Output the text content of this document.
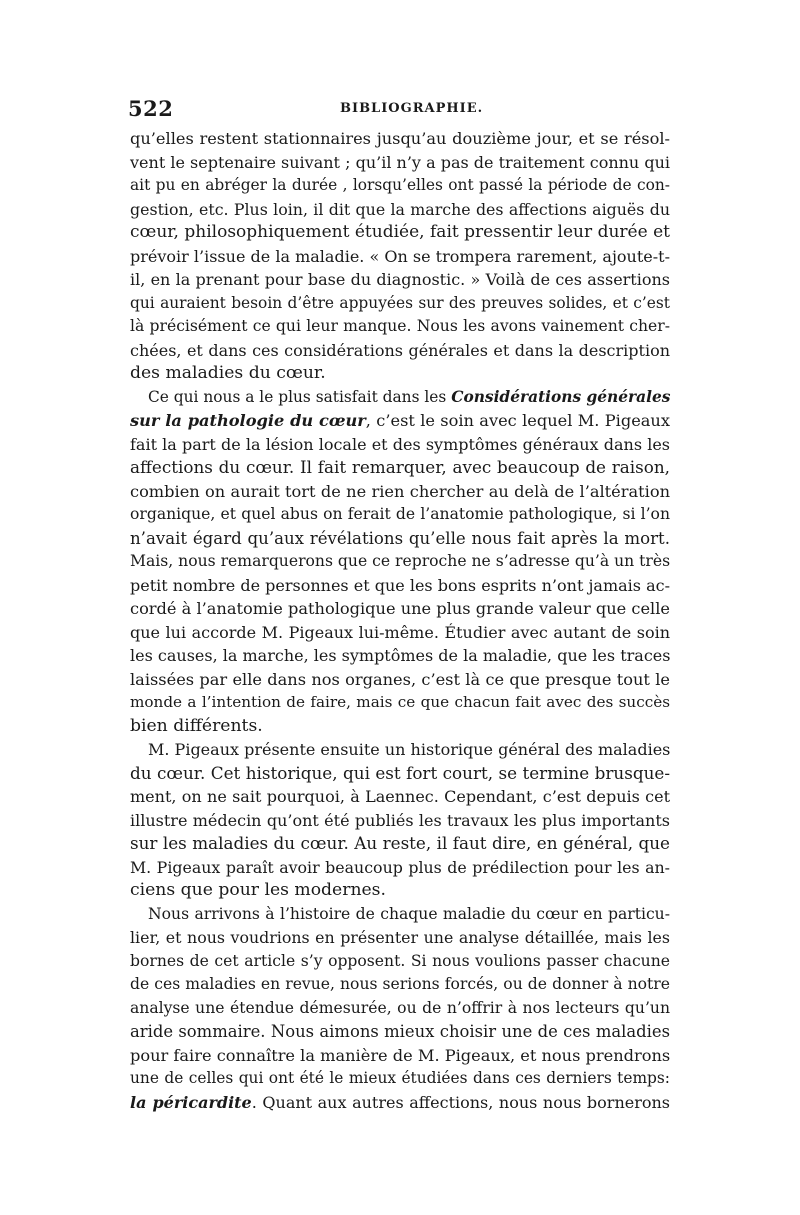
522	BIBLIOGRAPHIE.
qu’elles restent stationnaires jusqu’au douzième jour, et se résol-
vent le septenaire suivant ; qu’il n’y a pas de traitement connu qui
ait pu en abréger la durée , lorsqu’elles ont passé la période de con-
gestion, etc. Plus loin, il dit que la marche des affections aiguës du
cœur, philosophiquement étudiée, fait pressentir leur durée et
prévoir l’issue de la maladie. « On se trompera rarement, ajoute-t-
il, en la prenant pour base du diagnostic. » Voilà de ces assertions
qui auraient besoin d’être appuyées sur des preuves solides, et c’est
là précisément ce qui leur manque. Nous les avons vainement cher-
chées, et dans ces considérations générales et dans la description
des maladies du cœur.
Ce qui nous a le plus satisfait dans les Considérations générales
sur la pathologie du cœur, c’est le soin avec lequel M. Pigeaux
fait la part de la lésion locale et des symptômes généraux dans les
affections du cœur. Il fait remarquer, avec beaucoup de raison,
combien on aurait tort de ne rien chercher au delà de l’altération
organique, et quel abus on ferait de l’anatomie pathologique, si l’on
n’avait égard qu’aux révélations qu’elle nous fait après la mort.
Mais, nous remarquerons que ce reproche ne s’adresse qu’à un très
petit nombre de personnes et que les bons esprits n’ont jamais ac-
cordé à l’anatomie pathologique une plus grande valeur que celle
que lui accorde M. Pigeaux lui-même. Étudier avec autant de soin
les causes, la marche, les symptômes de la maladie, que les traces
laissées par elle dans nos organes, c’est là ce que presque tout le
monde a l’intention de faire, mais ce que chacun fait avec des succès
bien différents.
M. Pigeaux présente ensuite un historique général des maladies
du cœur. Cet historique, qui est fort court, se termine brusque-
ment, on ne sait pourquoi, à Laennec. Cependant, c’est depuis cet
illustre médecin qu’ont été publiés les travaux les plus importants
sur les maladies du cœur. Au reste, il faut dire, en général, que
M. Pigeaux paraît avoir beaucoup plus de prédilection pour les an-
ciens que pour les modernes.
Nous arrivons à l’histoire de chaque maladie du cœur en particu-
lier, et nous voudrions en présenter une analyse détaillée, mais les
bornes de cet article s’y opposent. Si nous voulions passer chacune
de ces maladies en revue, nous serions forcés, ou de donner à notre
analyse une étendue démesurée, ou de n’offrir à nos lecteurs qu’un
aride sommaire. Nous aimons mieux choisir une de ces maladies
pour faire connaître la manière de M. Pigeaux, et nous prendrons
une de celles qui ont été le mieux étudiées dans ces derniers temps:
la péricardite. Quant aux autres affections, nous nous bornerons
